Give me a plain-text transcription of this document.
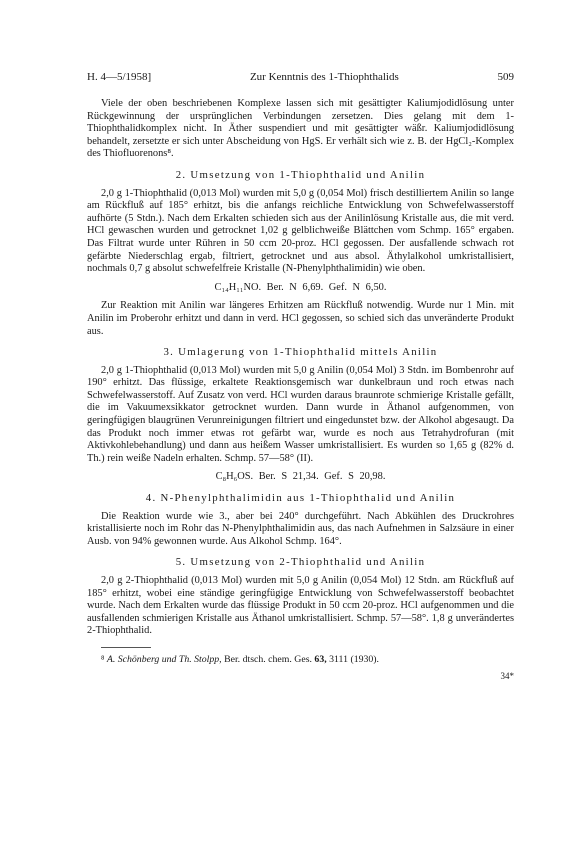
H. 4—5/1958]	Zur Kenntnis des 1-Thiophthalids	509

Viele der oben beschriebenen Komplexe lassen sich mit gesättigter Kaliumjodidlösung unter Rückgewinnung der ursprünglichen Verbindungen zersetzen. Dies gelang mit dem 1-Thiophthalidkomplex nicht. In Äther suspendiert und mit gesättigter wäßr. Kaliumjodidlösung behandelt, zersetzte er sich unter Abscheidung von HgS. Er verhält sich wie z. B. der HgCl₂-Komplex des Thiofluorenons⁸.

2. Umsetzung von 1-Thiophthalid und Anilin

2,0 g 1-Thiophthalid (0,013 Mol) wurden mit 5,0 g (0,054 Mol) frisch destilliertem Anilin so lange am Rückfluß auf 185° erhitzt, bis die anfangs reichliche Entwicklung von Schwefelwasserstoff aufhörte (5 Stdn.). Nach dem Erkalten schieden sich aus der Anilinlösung Kristalle aus, die mit verd. HCl gewaschen wurden und getrocknet 1,02 g gelblichweiße Blättchen vom Schmp. 165° ergaben. Das Filtrat wurde unter Rühren in 50 ccm 20-proz. HCl gegossen. Der ausfallende schwach rot gefärbte Niederschlag ergab, filtriert, getrocknet und aus absol. Äthylalkohol umkristallisiert, nochmals 0,7 g absolut schwefelfreie Kristalle (N-Phenylphthalimidin) wie oben.

C₁₄H₁₁NO. Ber. N 6,69. Gef. N 6,50.

Zur Reaktion mit Anilin war längeres Erhitzen am Rückfluß notwendig. Wurde nur 1 Min. mit Anilin im Proberohr erhitzt und dann in verd. HCl gegossen, so schied sich das unveränderte Produkt aus.

3. Umlagerung von 1-Thiophthalid mittels Anilin

2,0 g 1-Thiophthalid (0,013 Mol) wurden mit 5,0 g Anilin (0,054 Mol) 3 Stdn. im Bombenrohr auf 190° erhitzt. Das flüssige, erkaltete Reaktionsgemisch war dunkelbraun und roch etwas nach Schwefelwasserstoff. Auf Zusatz von verd. HCl wurden daraus braunrote schmierige Kristalle gefällt, die im Vakuumexsikkator getrocknet wurden. Dann wurde in Äthanol aufgenommen, von geringfügigen blaugrünen Verunreinigungen filtriert und eingedunstet bzw. der Alkohol abgesaugt. Da das Produkt noch immer etwas rot gefärbt war, wurde es noch aus Tetrahydrofuran (mit Aktivkohlebehandlung) und dann aus heißem Wasser umkristallisiert. Es wurden so 1,65 g (82% d. Th.) rein weiße Nadeln erhalten. Schmp. 57—58° (II).

C₈H₆OS. Ber. S 21,34. Gef. S 20,98.
4. N-Phenylphthalimidin aus 1-Thiophthalid und Anilin

Die Reaktion wurde wie 3., aber bei 240° durchgeführt. Nach Abkühlen des Druckrohres kristallisierte noch im Rohr das N-Phenylphthalimidin aus, das nach Aufnehmen in Salzsäure in einer Ausb. von 94% gewonnen wurde. Aus Alkohol Schmp. 164°.

5. Umsetzung von 2-Thiophthalid und Anilin

2,0 g 2-Thiophthalid (0,013 Mol) wurden mit 5,0 g Anilin (0,054 Mol) 12 Stdn. am Rückfluß auf 185° erhitzt, wobei eine ständige geringfügige Entwicklung von Schwefelwasserstoff beobachtet wurde. Nach dem Erkalten wurde das flüssige Produkt in 50 ccm 20-proz. HCl aufgenommen und die ausfallenden schmierigen Kristalle aus Äthanol umkristallisiert. Schmp. 57—58°. 1,8 g unverändertes 2-Thiophthalid.

⁸ A. Schönberg und Th. Stolpp, Ber. dtsch. chem. Ges. 63, 3111 (1930).

34*
